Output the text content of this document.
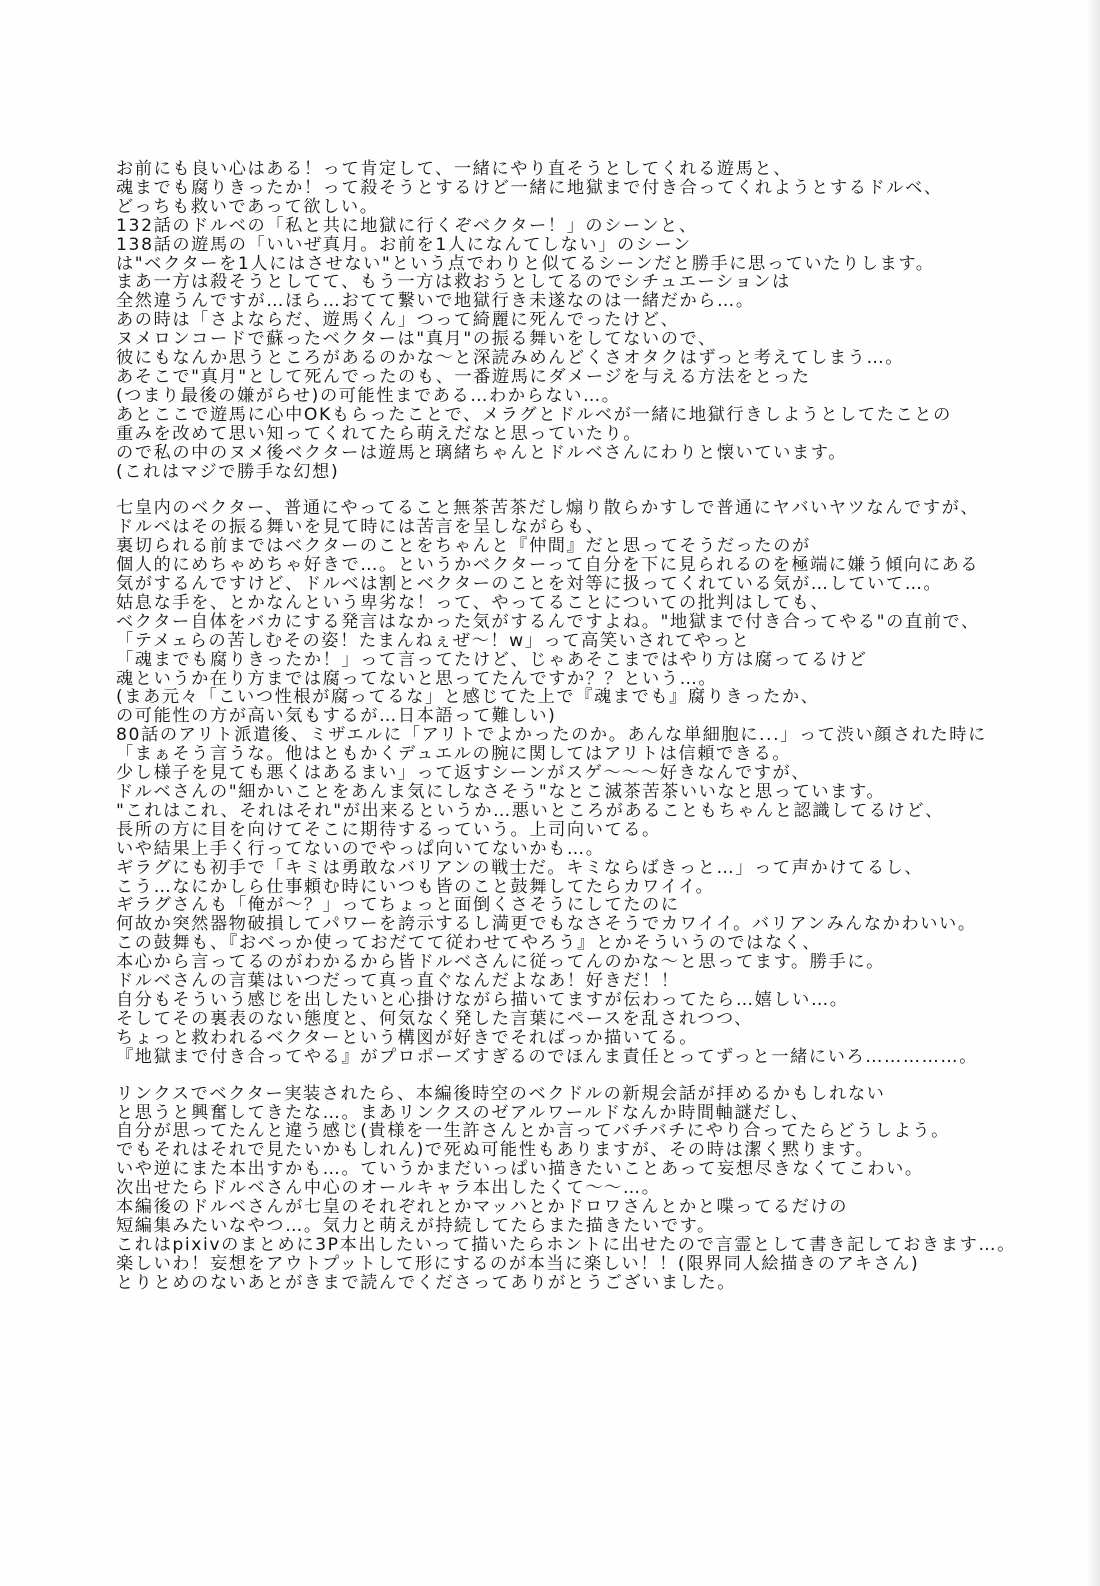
お前にも良い心はある！って肯定して、一緒にやり直そうとしてくれる遊馬と、
魂までも腐りきったか！って殺そうとするけど一緒に地獄まで付き合ってくれようとするドルベ、
どっちも救いであって欲しい。
132話のドルベの「私と共に地獄に行くぞベクター！」のシーンと、
138話の遊馬の「いいぜ真月。お前を1人になんてしない」のシーン
は"ベクターを1人にはさせない"という点でわりと似てるシーンだと勝手に思っていたりします。
まあ一方は殺そうとしてて、もう一方は救おうとしてるのでシチュエーションは
全然違うんですが…ほら…おてて繋いで地獄行き未遂なのは一緒だから…。
あの時は「さよならだ、遊馬くん」つって綺麗に死んでったけど、
ヌメロンコードで蘇ったベクターは"真月"の振る舞いをしてないので、
彼にもなんか思うところがあるのかな～と深読みめんどくさオタクはずっと考えてしまう…。
あそこで"真月"として死んでったのも、一番遊馬にダメージを与える方法をとった
(つまり最後の嫌がらせ)の可能性まである…わからない…。
あとここで遊馬に心中OKもらったことで、メラグとドルベが一緒に地獄行きしようとしてたことの
重みを改めて思い知ってくれてたら萌えだなと思っていたり。
ので私の中のヌメ後ベクターは遊馬と璃緒ちゃんとドルベさんにわりと懐いています。
(これはマジで勝手な幻想)
七皇内のベクター、普通にやってること無茶苦茶だし煽り散らかすしで普通にヤバいヤツなんですが、
ドルベはその振る舞いを見て時には苦言を呈しながらも、
裏切られる前まではベクターのことをちゃんと『仲間』だと思ってそうだったのが
個人的にめちゃめちゃ好きで…。というかベクターって自分を下に見られるのを極端に嫌う傾向にある
気がするんですけど、ドルベは割とベクターのことを対等に扱ってくれている気が…していて…。
姑息な手を、とかなんという卑劣な！って、やってることについての批判はしても、
ベクター自体をバカにする発言はなかった気がするんですよね。"地獄まで付き合ってやる"の直前で、
「テメェらの苦しむその姿！たまんねぇぜ～！w」って高笑いされてやっと
「魂までも腐りきったか！」って言ってたけど、じゃあそこまではやり方は腐ってるけど
魂というか在り方までは腐ってないと思ってたんですか？？という…。
(まあ元々「こいつ性根が腐ってるな」と感じてた上で『魂までも』腐りきったか、
の可能性の方が高い気もするが…日本語って難しい)
80話のアリト派遣後、ミザエルに「アリトでよかったのか。あんな単細胞に...」って渋い顔された時に
「まぁそう言うな。他はともかくデュエルの腕に関してはアリトは信頼できる。
少し様子を見ても悪くはあるまい」って返すシーンがスゲ～～～好きなんですが、
ドルベさんの"細かいことをあんま気にしなさそう"なとこ滅茶苦茶いいなと思っています。
"これはこれ、それはそれ"が出来るというか…悪いところがあることもちゃんと認識してるけど、
長所の方に目を向けてそこに期待するっていう。上司向いてる。
いや結果上手く行ってないのでやっぱ向いてないかも…。
ギラグにも初手で「キミは勇敢なバリアンの戦士だ。キミならばきっと…」って声かけてるし、
こう…なにかしら仕事頼む時にいつも皆のこと鼓舞してたらカワイイ。
ギラグさんも「俺が～？」ってちょっと面倒くさそうにしてたのに
何故か突然器物破損してパワーを誇示するし満更でもなさそうでカワイイ。バリアンみんなかわいい。
この鼓舞も、『おべっか使っておだてて従わせてやろう』とかそういうのではなく、
本心から言ってるのがわかるから皆ドルベさんに従ってんのかな～と思ってます。勝手に。
ドルベさんの言葉はいつだって真っ直ぐなんだよなあ！好きだ！！
自分もそういう感じを出したいと心掛けながら描いてますが伝わってたら…嬉しい…。
そしてその裏表のない態度と、何気なく発した言葉にペースを乱されつつ、
ちょっと救われるベクターという構図が好きでそればっか描いてる。
『地獄まで付き合ってやる』がプロポーズすぎるのでほんま責任とってずっと一緒にいろ……………。
リンクスでベクター実装されたら、本編後時空のベクドルの新規会話が拝めるかもしれない
と思うと興奮してきたな…。まあリンクスのゼアルワールドなんか時間軸謎だし、
自分が思ってたんと違う感じ(貴様を一生許さんとか言ってバチバチにやり合ってたらどうしよう。
でもそれはそれで見たいかもしれん)で死ぬ可能性もありますが、その時は潔く黙ります。
いや逆にまた本出すかも…。ていうかまだいっぱい描きたいことあって妄想尽きなくてこわい。
次出せたらドルベさん中心のオールキャラ本出したくて～～…。
本編後のドルベさんが七皇のそれぞれとかマッハとかドロワさんとかと喋ってるだけの
短編集みたいなやつ…。気力と萌えが持続してたらまた描きたいです。
これはpixivのまとめに3P本出したいって描いたらホントに出せたので言霊として書き記しておきます…。
楽しいわ！妄想をアウトプットして形にするのが本当に楽しい！！(限界同人絵描きのアキさん)
とりとめのないあとがきまで読んでくださってありがとうございました。
